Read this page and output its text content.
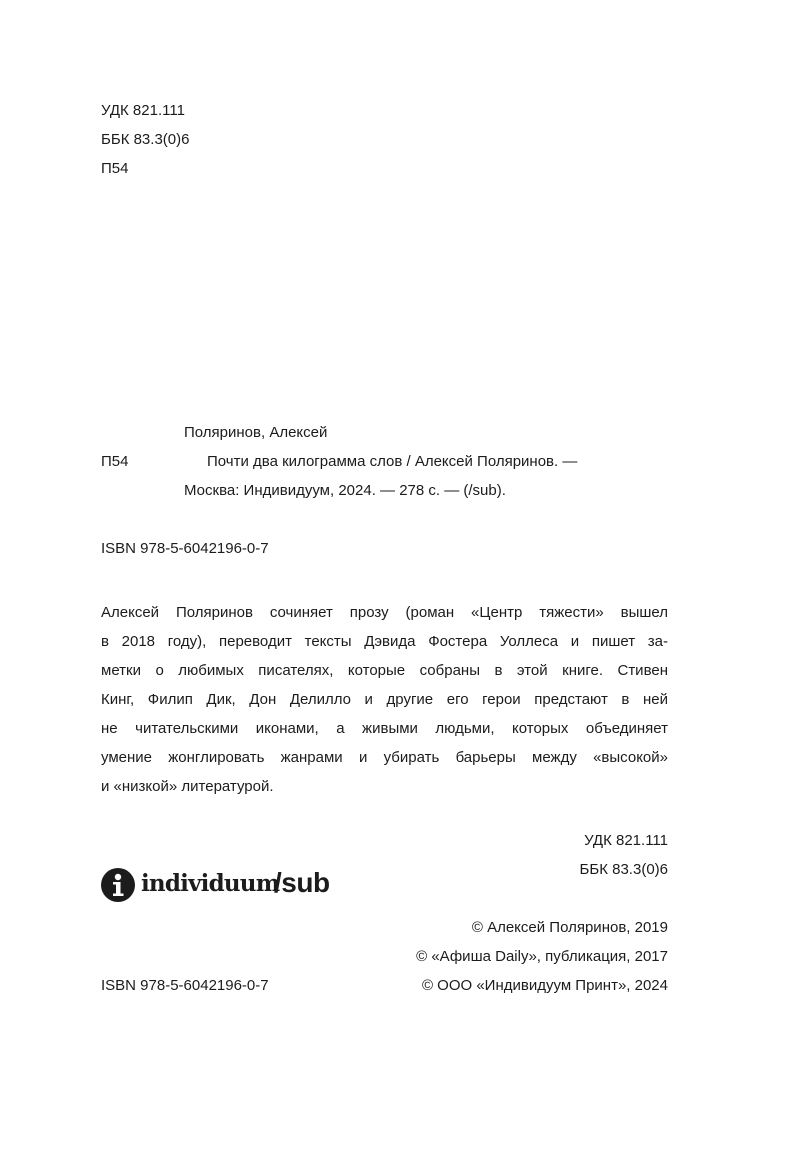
УДК 821.111
ББК 83.3(0)6
П54
Поляринов, Алексей
П54	Почти два килограмма слов / Алексей Поляринов. —
Москва: Индивидуум, 2024. — 278 с. — (/sub).
ISBN 978-5-6042196-0-7
Алексей Поляринов сочиняет прозу (роман «Центр тяжести» вышел
в 2018 году), переводит тексты Дэвида Фостера Уоллеса и пишет за-
метки о любимых писателях, которые собраны в этой книге. Стивен
Кинг, Филип Дик, Дон Делилло и другие его герои предстают в ней
не читательскими иконами, а живыми людьми, которых объединяет
умение жонглировать жанрами и убирать барьеры между «высокой»
и «низкой» литературой.
УДК 821.111
ББК 83.3(0)6
individuum
/sub
© Алексей Поляринов, 2019
© «Афиша Daily», публикация, 2017
© ООО «Индивидуум Принт», 2024
ISBN 978-5-6042196-0-7
